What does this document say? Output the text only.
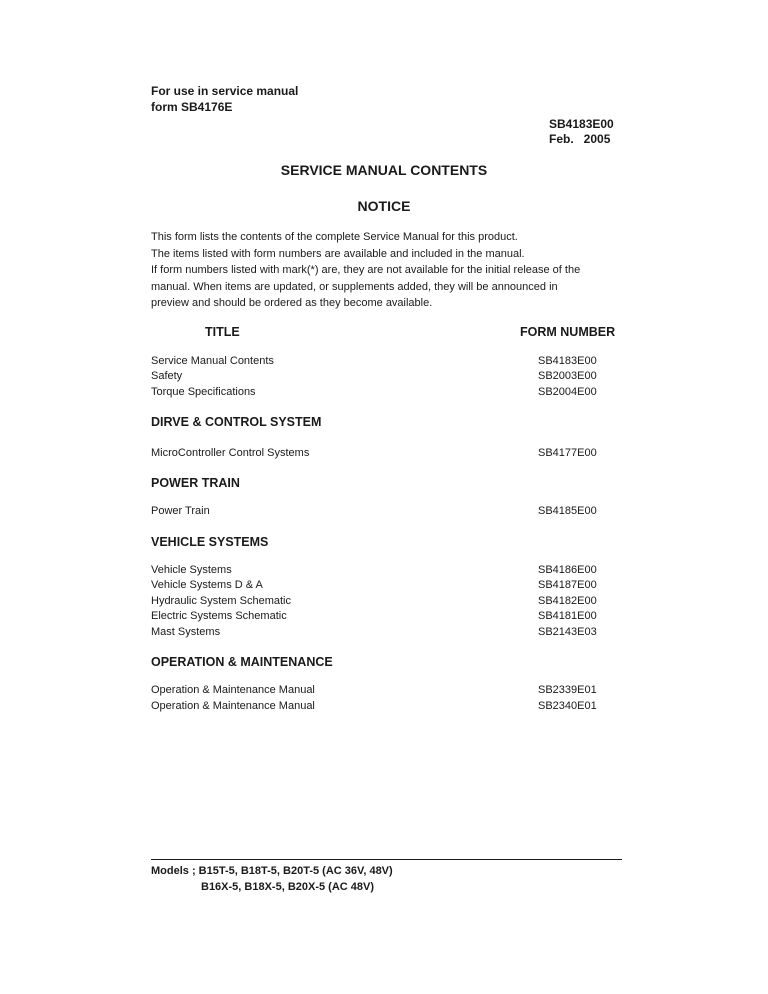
For use in service manual
form SB4176E
SB4183E00
Feb.   2005
SERVICE MANUAL CONTENTS
NOTICE
This form lists the contents of the complete Service Manual for this product.
The items listed with form numbers are available and included in the manual.
If form numbers listed with mark(*) are, they are not available for the initial release of the
manual. When items are updated, or supplements added, they will be announced in
preview and should be ordered as they become available.
TITLE	FORM NUMBER
Service Manual Contents	SB4183E00
Safety	SB2003E00
Torque Specifications	SB2004E00
DIRVE & CONTROL SYSTEM
MicroController Control Systems	SB4177E00
POWER TRAIN
Power Train	SB4185E00
VEHICLE SYSTEMS
Vehicle Systems	SB4186E00
Vehicle Systems D & A	SB4187E00
Hydraulic System Schematic	SB4182E00
Electric Systems Schematic	SB4181E00
Mast Systems	SB2143E03
OPERATION & MAINTENANCE
Operation & Maintenance Manual	SB2339E01
Operation & Maintenance Manual	SB2340E01
Models ; B15T-5, B18T-5, B20T-5 (AC 36V, 48V)
B16X-5, B18X-5, B20X-5 (AC 48V)
